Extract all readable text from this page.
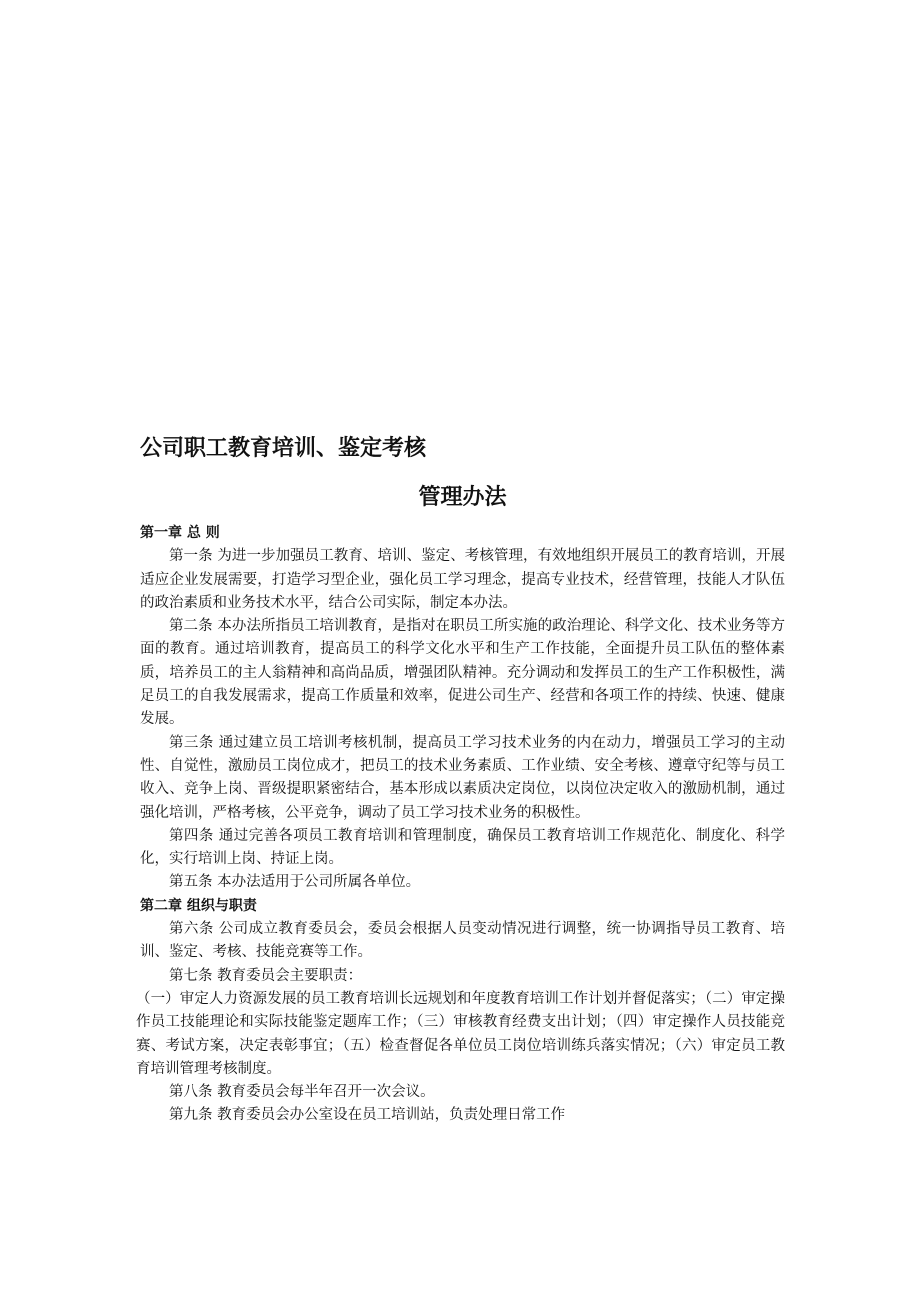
公司职工教育培训、鉴定考核
管理办法

第一章 总 则

第一条 为进一步加强员工教育、培训、鉴定、考核管理，有效地组织开展员工的教育培训，开展适应企业发展需要，打造学习型企业，强化员工学习理念，提高专业技术，经营管理，技能人才队伍的政治素质和业务技术水平，结合公司实际，制定本办法。

第二条 本办法所指员工培训教育，是指对在职员工所实施的政治理论、科学文化、技术业务等方面的教育。通过培训教育，提高员工的科学文化水平和生产工作技能，全面提升员工队伍的整体素质，培养员工的主人翁精神和高尚品质，增强团队精神。充分调动和发挥员工的生产工作积极性，满足员工的自我发展需求，提高工作质量和效率，促进公司生产、经营和各项工作的持续、快速、健康发展。

第三条 通过建立员工培训考核机制，提高员工学习技术业务的内在动力，增强员工学习的主动性、自觉性，激励员工岗位成才，把员工的技术业务素质、工作业绩、安全考核、遵章守纪等与员工收入、竞争上岗、晋级提职紧密结合，基本形成以素质决定岗位，以岗位决定收入的激励机制，通过强化培训，严格考核，公平竞争，调动了员工学习技术业务的积极性。

第四条 通过完善各项员工教育培训和管理制度，确保员工教育培训工作规范化、制度化、科学化，实行培训上岗、持证上岗。

第五条 本办法适用于公司所属各单位。

第二章 组织与职责

第六条 公司成立教育委员会，委员会根据人员变动情况进行调整，统一协调指导员工教育、培训、鉴定、考核、技能竞赛等工作。

第七条 教育委员会主要职责：

（一）审定人力资源发展的员工教育培训长远规划和年度教育培训工作计划并督促落实；（二）审定操作员工技能理论和实际技能鉴定题库工作；（三）审核教育经费支出计划；（四）审定操作人员技能竞赛、考试方案，决定表彰事宜；（五）检查督促各单位员工岗位培训练兵落实情况；（六）审定员工教育培训管理考核制度。

第八条 教育委员会每半年召开一次会议。

第九条 教育委员会办公室设在员工培训站，负责处理日常工作
